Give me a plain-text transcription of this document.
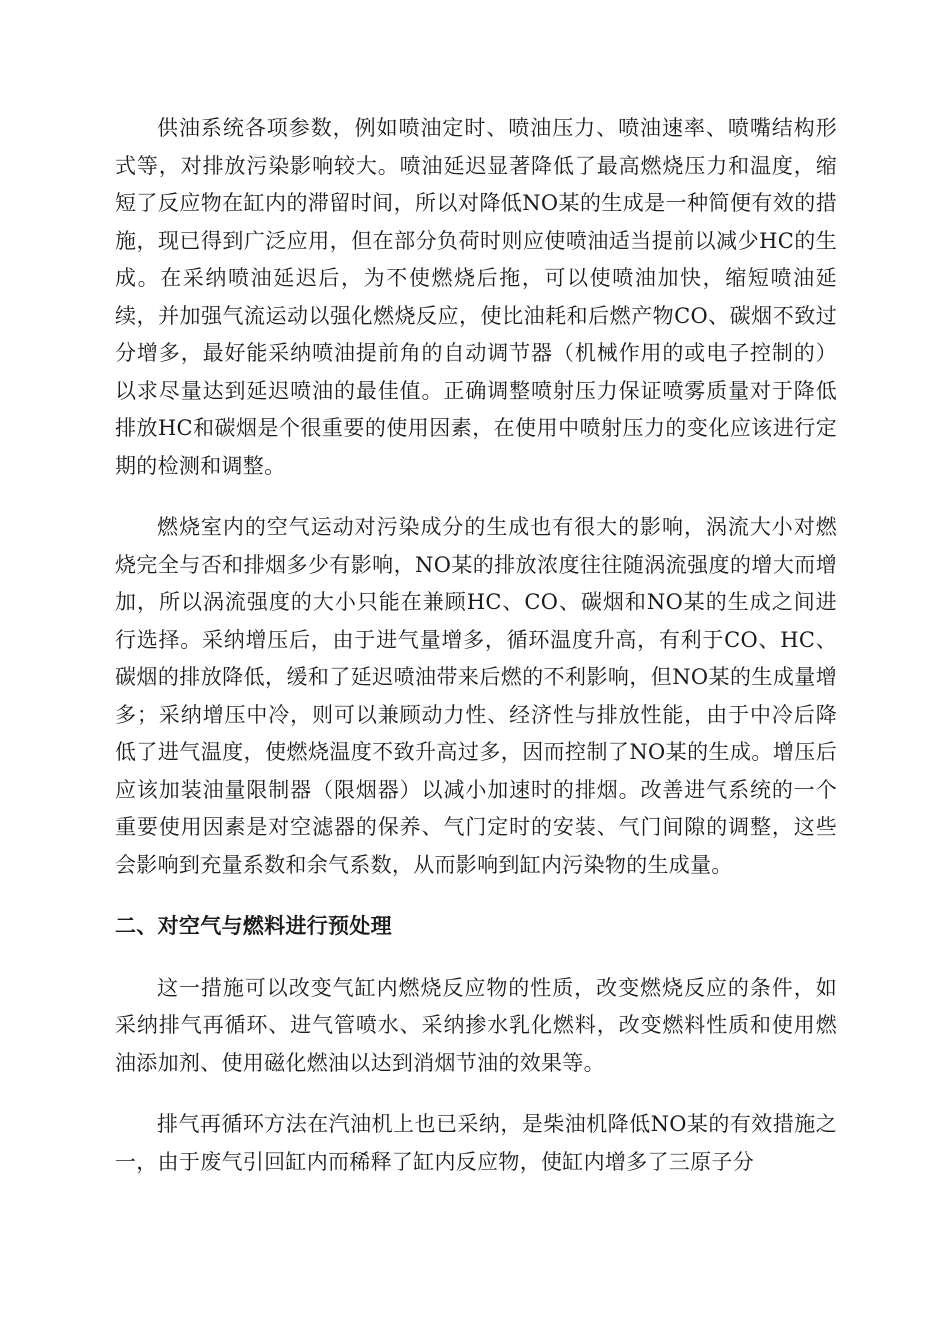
供油系统各项参数，例如喷油定时、喷油压力、喷油速率、喷嘴结构形式等，对排放污染影响较大。喷油延迟显著降低了最高燃烧压力和温度，缩短了反应物在缸内的滞留时间，所以对降低NO某的生成是一种简便有效的措施，现已得到广泛应用，但在部分负荷时则应使喷油适当提前以减少HC的生成。在采纳喷油延迟后，为不使燃烧后拖，可以使喷油加快，缩短喷油延续，并加强气流运动以强化燃烧反应，使比油耗和后燃产物CO、碳烟不致过分增多，最好能采纳喷油提前角的自动调节器（机械作用的或电子控制的）以求尽量达到延迟喷油的最佳值。正确调整喷射压力保证喷雾质量对于降低排放HC和碳烟是个很重要的使用因素，在使用中喷射压力的变化应该进行定期的检测和调整。

燃烧室内的空气运动对污染成分的生成也有很大的影响，涡流大小对燃烧完全与否和排烟多少有影响，NO某的排放浓度往往随涡流强度的增大而增加，所以涡流强度的大小只能在兼顾HC、CO、碳烟和NO某的生成之间进行选择。采纳增压后，由于进气量增多，循环温度升高，有利于CO、HC、碳烟的排放降低，缓和了延迟喷油带来后燃的不利影响，但NO某的生成量增多；采纳增压中冷，则可以兼顾动力性、经济性与排放性能，由于中冷后降低了进气温度，使燃烧温度不致升高过多，因而控制了NO某的生成。增压后应该加装油量限制器（限烟器）以减小加速时的排烟。改善进气系统的一个重要使用因素是对空滤器的保养、气门定时的安装、气门间隙的调整，这些会影响到充量系数和余气系数，从而影响到缸内污染物的生成量。

二、对空气与燃料进行预处理

这一措施可以改变气缸内燃烧反应物的性质，改变燃烧反应的条件，如采纳排气再循环、进气管喷水、采纳掺水乳化燃料，改变燃料性质和使用燃油添加剂、使用磁化燃油以达到消烟节油的效果等。

排气再循环方法在汽油机上也已采纳，是柴油机降低NO某的有效措施之一，由于废气引回缸内而稀释了缸内反应物，使缸内增多了三原子分
